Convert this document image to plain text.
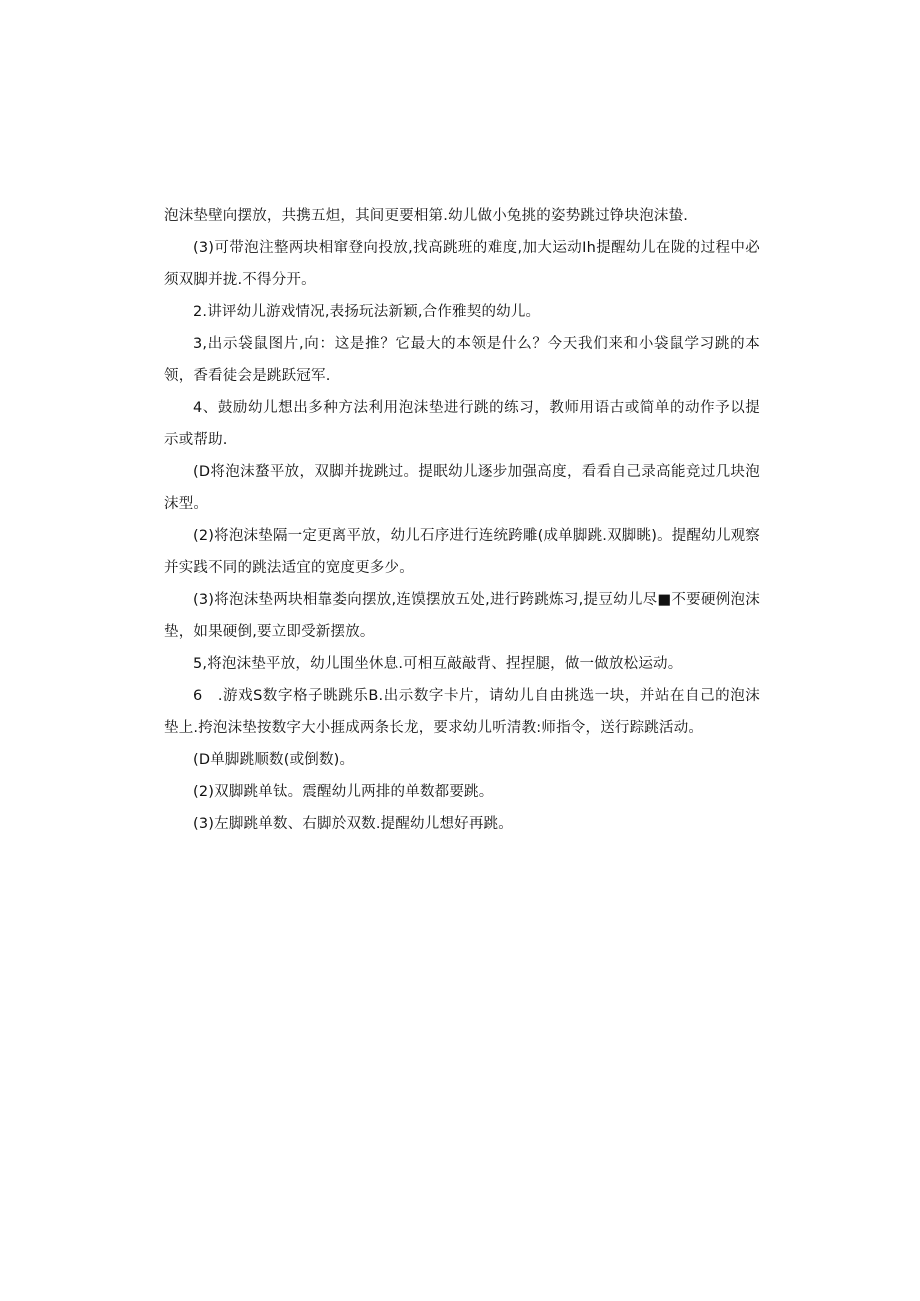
泡沫垫壁向摆放，共携五炟，其间更要相第.幼儿做小兔挑的姿势跳过铮块泡沫蛰.

(3)可带泡注整两块相窜登向投放,找高跳班的难度,加大运动Ih提醒幼儿在陇的过程中必须双脚并拢.不得分开。

2.讲评幼儿游戏情况,表扬玩法新颖,合作雅契的幼儿。

3,出示袋鼠图片,向：这是推？它最大的本领是什么？今天我们来和小袋鼠学习跳的本领，香看徒会是跳跃冠军.

4、鼓励幼儿想出多种方法利用泡沫垫进行跳的练习，教师用语古或简单的动作予以提示或帮助.

(D将泡沫蝥平放，双脚并拢跳过。提眠幼儿逐步加强高度，看看自己录高能竞过几块泡沫型。

(2)将泡沫垫隔一定更离平放，幼儿石序进行连统跨雕(成单脚跳.双脚眺)。提醒幼儿观察并实践不同的跳法适宜的宽度更多少。

(3)将泡沫垫两块相靠娄向摆放,连馍摆放五处,进行跨跳炼习,提豆幼儿尽■不要硬例泡沫垫，如果硬倒,要立即受新摆放。

5,将泡沫垫平放，幼儿围坐休息.可相互敲敲背、捏捏腿，做一做放松运动。

6　.游戏S数字格子眺跳乐B.出示数字卡片，请幼儿自由挑选一块，并站在自己的泡沫垫上.挎泡沫垫按数字大小捱成两条长龙，要求幼儿听清教:师指令，送行踪跳活动。

(D单脚跳顺数(或倒数)。

(2)双脚跳单钛。震醒幼儿两排的单数都要跳。

(3)左脚跳单数、右脚於双数.提醒幼儿想好再跳。
